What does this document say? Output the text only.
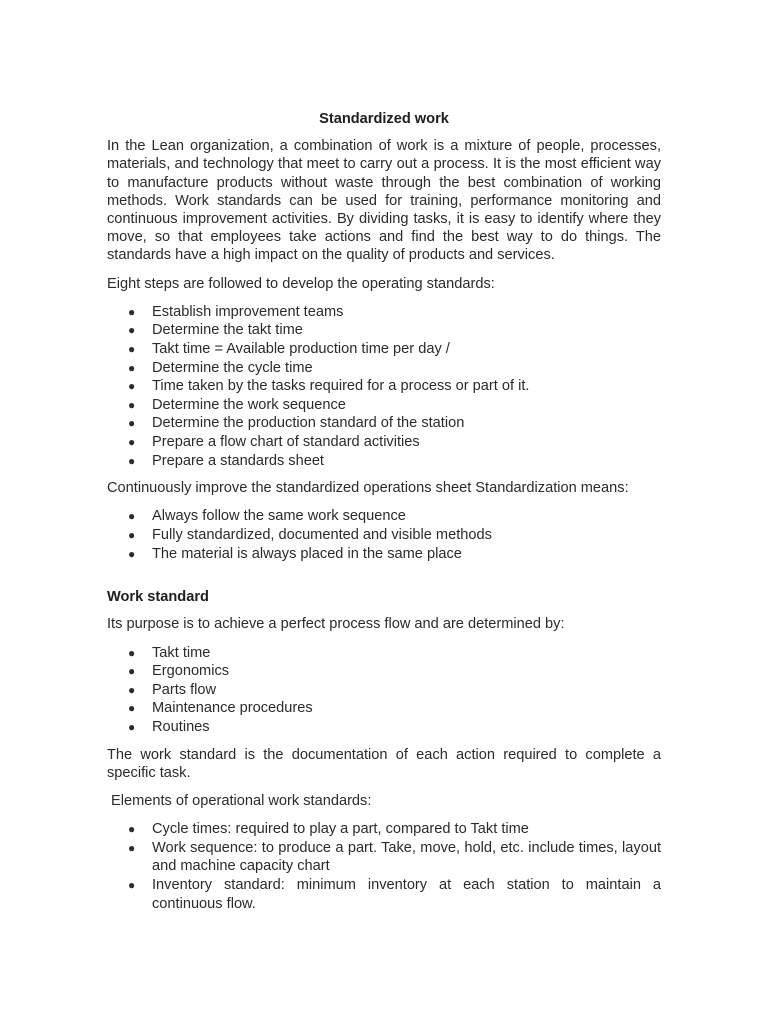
Standardized work

In the Lean organization, a combination of work is a mixture of people, processes, materials, and technology that meet to carry out a process. It is the most efficient way to manufacture products without waste through the best combination of working methods. Work standards can be used for training, performance monitoring and continuous improvement activities. By dividing tasks, it is easy to identify where they move, so that employees take actions and find the best way to do things. The standards have a high impact on the quality of products and services.

Eight steps are followed to develop the operating standards:

● Establish improvement teams
● Determine the takt time
● Takt time = Available production time per day /
● Determine the cycle time
● Time taken by the tasks required for a process or part of it.
● Determine the work sequence
● Determine the production standard of the station
● Prepare a flow chart of standard activities
● Prepare a standards sheet

Continuously improve the standardized operations sheet Standardization means:

● Always follow the same work sequence
● Fully standardized, documented and visible methods
● The material is always placed in the same place
Work standard

Its purpose is to achieve a perfect process flow and are determined by:

● Takt time
● Ergonomics
● Parts flow
● Maintenance procedures
● Routines

The work standard is the documentation of each action required to complete a specific task.

Elements of operational work standards:

● Cycle times: required to play a part, compared to Takt time
● Work sequence: to produce a part. Take, move, hold, etc. include times, layout and machine capacity chart
● Inventory standard: minimum inventory at each station to maintain a continuous flow.
